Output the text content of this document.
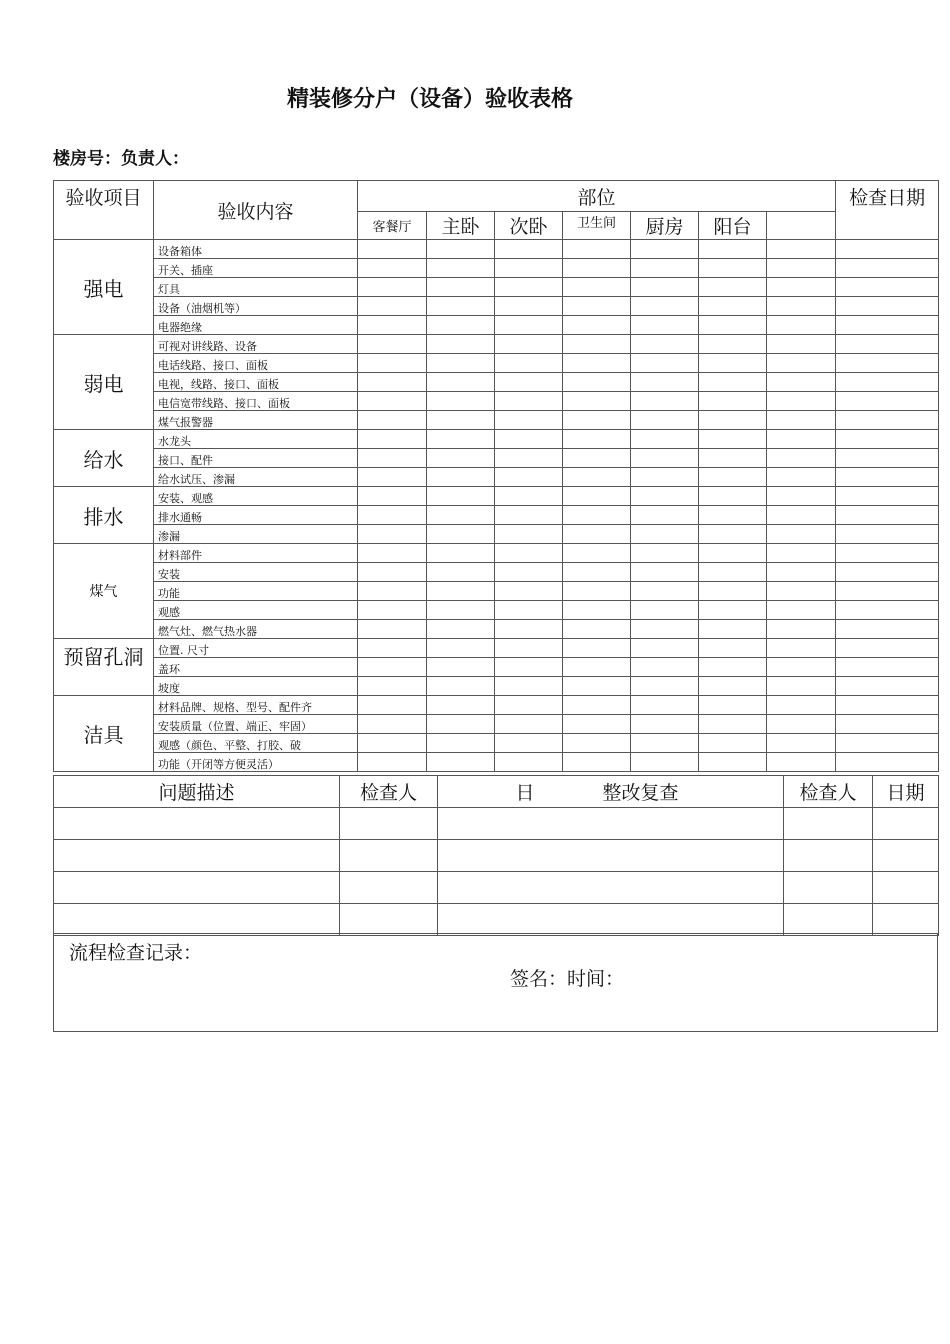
精装修分户（设备）验收表格
楼房号：负责人：
验收项目	验收内容	部位							检查日期
		客餐厅	主卧	次卧	卫生间	厨房	阳台		
强电	设备箱体								
	开关、插座								
	灯具								
	设备（油烟机等）								
	电器绝缘								
弱电	可视对讲线路、设备								
	电话线路、接口、面板								
	电视，线路、接口、面板								
	电信宽带线路、接口、面板								
	煤气报警器								
给水	水龙头								
	接口、配件								
	给水试压、渗漏								
排水	安装、观感								
	排水通畅								
	渗漏								
煤气	材料部件								
	安装								
	功能								
	观感								
	燃气灶、燃气热水器								
预留孔洞	位置. 尺寸								
	盖环								
	坡度								
洁具	材料品牌、规格、型号、配件齐								
	安装质量（位置、端正、牢固）								
	观感（颜色、平整、打胶、破								
	功能（开闭等方便灵活）								
问题描述	检查人	日 整改复查	检查人	日期

流程检查记录：
签名：时间：
